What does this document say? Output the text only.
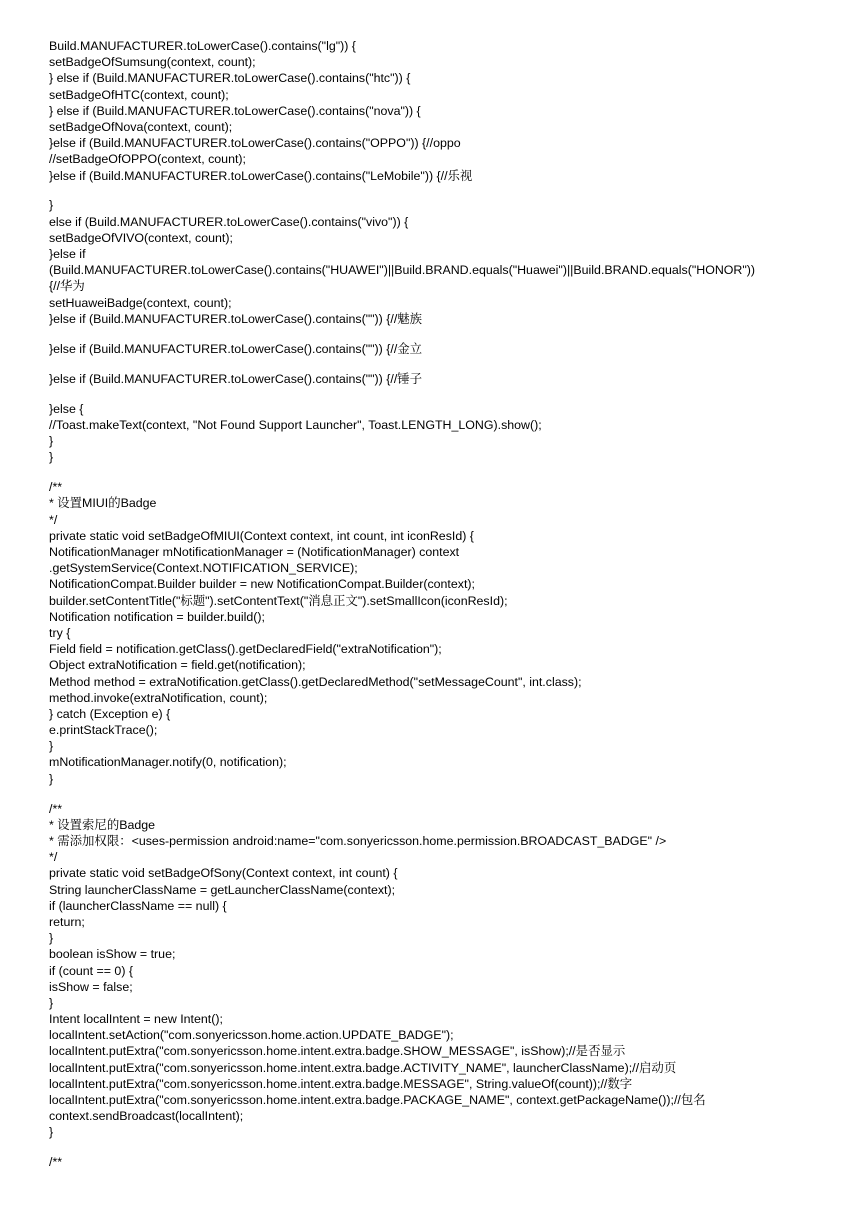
Build.MANUFACTURER.toLowerCase().contains("lg")) {
setBadgeOfSumsung(context, count);
} else if (Build.MANUFACTURER.toLowerCase().contains("htc")) {
setBadgeOfHTC(context, count);
} else if (Build.MANUFACTURER.toLowerCase().contains("nova")) {
setBadgeOfNova(context, count);
}else if (Build.MANUFACTURER.toLowerCase().contains("OPPO")) {//oppo
//setBadgeOfOPPO(context, count);
}else if (Build.MANUFACTURER.toLowerCase().contains("LeMobile")) {//乐视
}
else if (Build.MANUFACTURER.toLowerCase().contains("vivo")) {
setBadgeOfVIVO(context, count);
}else if
(Build.MANUFACTURER.toLowerCase().contains("HUAWEI")||Build.BRAND.equals("Huawei")||Build.BRAND.equals("HONOR"))
{//华为
setHuaweiBadge(context, count);
}else if (Build.MANUFACTURER.toLowerCase().contains("")) {//魅族
}else if (Build.MANUFACTURER.toLowerCase().contains("")) {//金立
}else if (Build.MANUFACTURER.toLowerCase().contains("")) {//锤子
}else {
//Toast.makeText(context, "Not Found Support Launcher", Toast.LENGTH_LONG).show();
}
}
/**
* 设置MIUI的Badge
*/
private static void setBadgeOfMIUI(Context context, int count, int iconResId) {
NotificationManager mNotificationManager = (NotificationManager) context
.getSystemService(Context.NOTIFICATION_SERVICE);
NotificationCompat.Builder builder = new NotificationCompat.Builder(context);
builder.setContentTitle("标题").setContentText("消息正文").setSmallIcon(iconResId);
Notification notification = builder.build();
try {
Field field = notification.getClass().getDeclaredField("extraNotification");
Object extraNotification = field.get(notification);
Method method = extraNotification.getClass().getDeclaredMethod("setMessageCount", int.class);
method.invoke(extraNotification, count);
} catch (Exception e) {
e.printStackTrace();
}
mNotificationManager.notify(0, notification);
}
/**
* 设置索尼的Badge
* 需添加权限：<uses-permission android:name="com.sonyericsson.home.permission.BROADCAST_BADGE" />
*/
private static void setBadgeOfSony(Context context, int count) {
String launcherClassName = getLauncherClassName(context);
if (launcherClassName == null) {
return;
}
boolean isShow = true;
if (count == 0) {
isShow = false;
}
Intent localIntent = new Intent();
localIntent.setAction("com.sonyericsson.home.action.UPDATE_BADGE");
localIntent.putExtra("com.sonyericsson.home.intent.extra.badge.SHOW_MESSAGE", isShow);//是否显示
localIntent.putExtra("com.sonyericsson.home.intent.extra.badge.ACTIVITY_NAME", launcherClassName);//启动页
localIntent.putExtra("com.sonyericsson.home.intent.extra.badge.MESSAGE", String.valueOf(count));//数字
localIntent.putExtra("com.sonyericsson.home.intent.extra.badge.PACKAGE_NAME", context.getPackageName());//包名
context.sendBroadcast(localIntent);
}
/**
